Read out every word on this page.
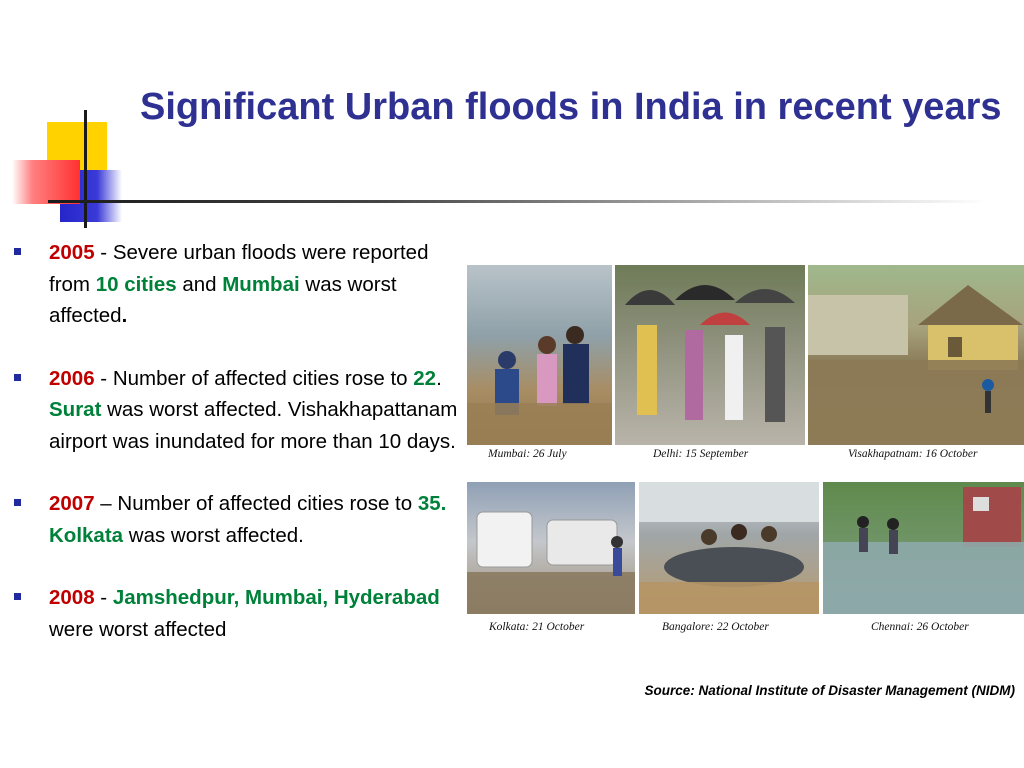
Significant Urban floods in India in recent years
2005 - Severe urban floods were reported from 10 cities and Mumbai was worst affected.
2006 - Number of affected cities rose to 22. Surat was worst affected. Vishakhapattanam airport was inundated for more than 10 days.
2007 – Number of affected cities rose to 35. Kolkata was worst affected.
2008 - Jamshedpur, Mumbai, Hyderabad were worst affected
Mumbai: 26 July	Delhi: 15 September	Visakhapatnam: 16 October
Kolkata: 21 October	Bangalore: 22 October	Chennai: 26 October
Source: National Institute of Disaster Management (NIDM)
